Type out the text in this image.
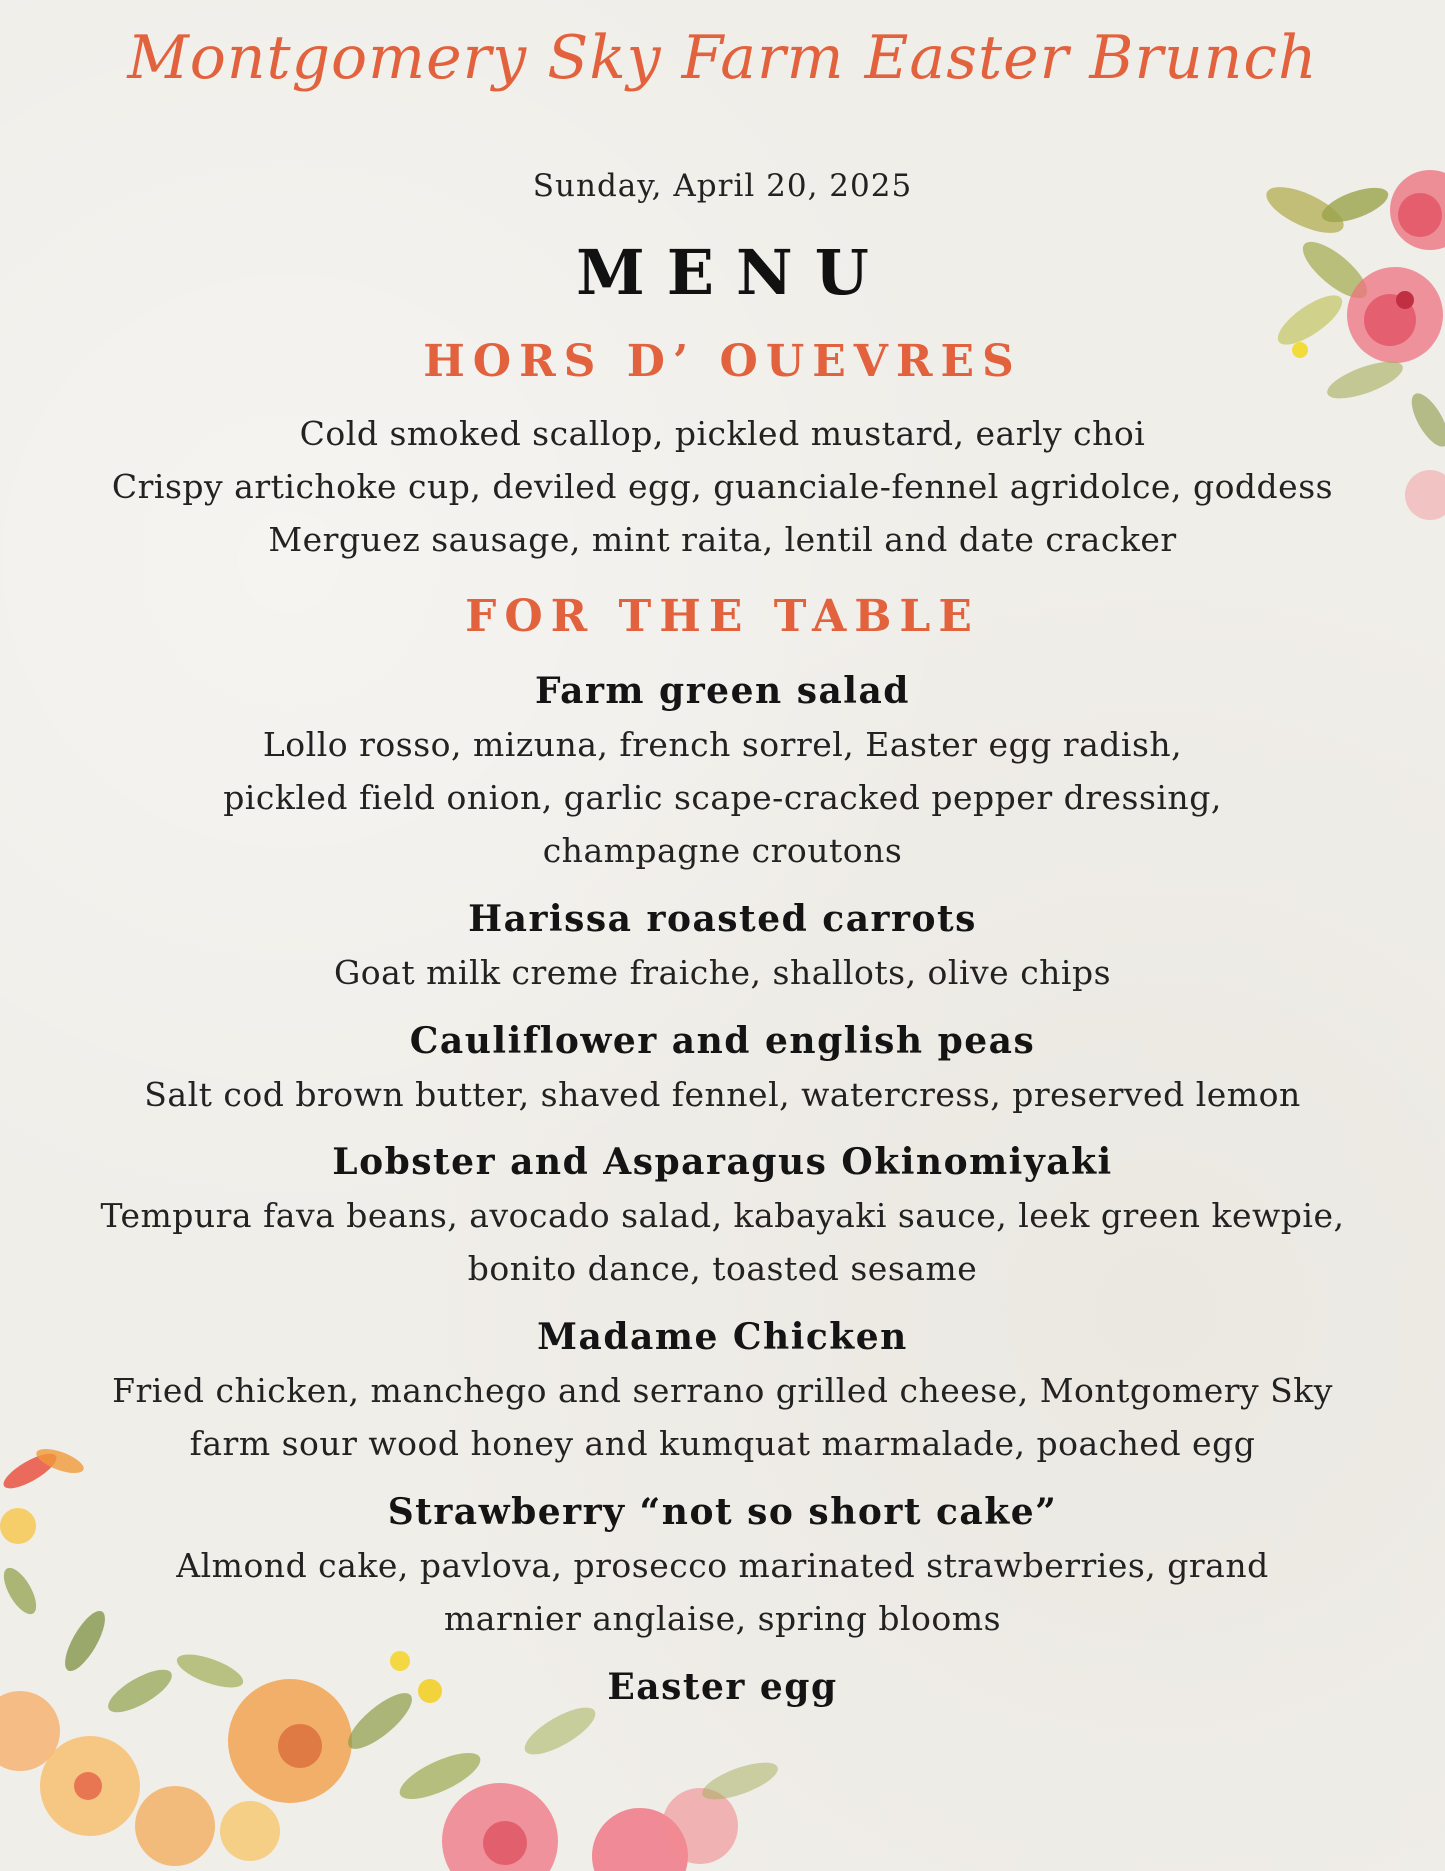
Montgomery Sky Farm Easter Brunch
Sunday, April 20, 2025
MENU
HORS D’ OUEVRES
Cold smoked scallop, pickled mustard, early choi
Crispy artichoke cup, deviled egg, guanciale-fennel agridolce, goddess
Merguez sausage, mint raita, lentil and date cracker
FOR THE TABLE
Farm green salad
Lollo rosso, mizuna, french sorrel, Easter egg radish,
pickled field onion, garlic scape-cracked pepper dressing,
champagne croutons
Harissa roasted carrots
Goat milk creme fraiche, shallots, olive chips
Cauliflower and english peas
Salt cod brown butter, shaved fennel, watercress, preserved lemon
Lobster and Asparagus Okinomiyaki
Tempura fava beans, avocado salad, kabayaki sauce, leek green kewpie,
bonito dance, toasted sesame
Madame Chicken
Fried chicken, manchego and serrano grilled cheese, Montgomery Sky
farm sour wood honey and kumquat marmalade, poached egg
Strawberry “not so short cake”
Almond cake, pavlova, prosecco marinated strawberries, grand
marnier anglaise, spring blooms
Easter egg
